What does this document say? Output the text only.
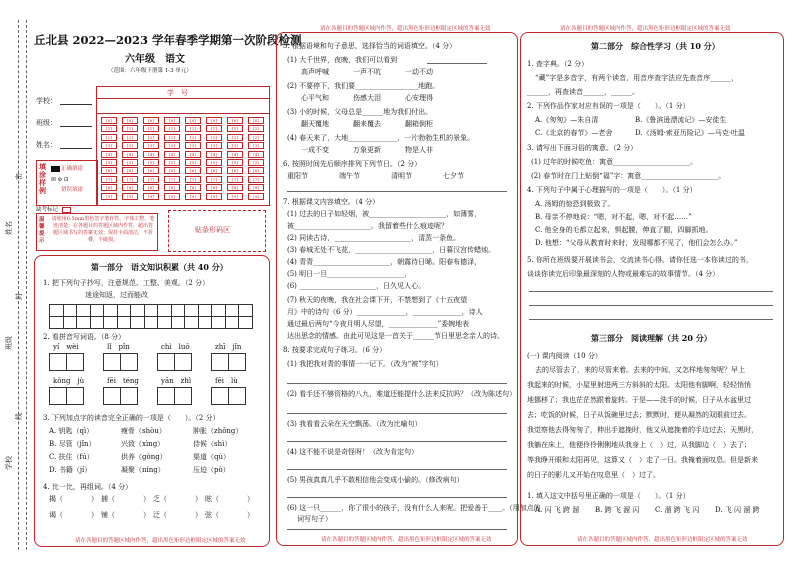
姓名
班级
学校
密
封
线
丘北县 2022—2023 学年春季学期第一次阶段检测
六年级　语文
（范围：六年级下册第 1-3 单元）
学校：
班级：
姓名：
学　号
[0]	[0]	[0]	[0]	[0]	[0]	[0]	[0]
[1]	[1]	[1]	[1]	[1]	[1]	[1]	[1]
[2]	[2]	[2]	[2]	[2]	[2]	[2]	[2]
[3]	[3]	[3]	[3]	[3]	[3]	[3]	[3]
[4]	[4]	[4]	[4]	[4]	[4]	[4]	[4]
[5]	[5]	[5]	[5]	[5]	[5]	[5]	[5]
[6]	[6]	[6]	[6]	[6]	[6]	[6]	[6]
[7]	[7]	[7]	[7]	[7]	[7]	[7]	[7]
[8]	[8]	[8]	[8]	[8]	[8]	[8]	[8]
[9]	[9]	[9]	[9]	[9]	[9]	[9]	[9]
填涂样例
正确填涂
☒ ⊘ ⊡
错误填涂
缺考标记
温馨提示
请使用0.5mm黑色签字笔作答，字体工整、笔迹清楚；在各题目的答题区域内作答，超出答题区域书写的答案无效；保持卡面清洁，不折叠，不破损。
贴条形码区
第一部分　语文知识积累（共 40 分）
1. 把下列句子抄写，注意规范、工整、美观。（2 分）
迷途知返，过而能改
2. 看拼音写词语。（8 分）
yí　wèi	lǐ　pǐn	chì　luǒ	zhī　jǐn
kǒng　jù	fēi　téng	yān　zhì	fēi　lù
3. 下列加点字的读音完全正确的一项是（　　）。（2 分）
A. 钥匙（qì）	瘦骨（shòu）	肿胀（zhǒng）
B. 尽管（jǐn）	兴致（xìng）	侍候（shì）
C. 扶住（fú）	供养（gòng）	渠道（qú）
D. 书籍（jí）	凝聚（níng）	压迫（pò）
4. 比一比，再组词。（4 分）
揭（　　　　） 捕（　　　　） 乏（　　　　） 眩（　　　　）
谒（　　　　） 铺（　　　　） 泛（　　　　） 弦（　　　　）
请在各题目的答题区域内作答，超出黑色矩形边框限定区域的答案无效
5. 根据语境和句子意思，选择恰当的词语填空。（4 分）
(1) 大千世界，夜晚，我们可以看到
高声呼喊	一声不吭	一动不动
(2) 不要停下，我们要__________________地跑。
心平气和	伤感大泪	心安理得
(3) 小的时候，父母总是______地为我们付出。
翻天覆地	翻来覆去	翻箱倒柜
(4) 春天来了，大地______________，一片勃勃生机的景象。
一成不变	万象更新	物是人非
6. 按照时间先后顺序排列下列节日。（2 分）
重阳节	端午节	清明节	七夕节
7. 根据课文内容填空。（4 分）
(1) 过去的日子如轻烟，被______________________，如薄雾，
被______________________。我留着些什么痕迹呢？
(2) 同读古诗，______________________，清蒸一条鱼。
(3) 春城无处不飞花，______________________，日暮汉宫传蜡烛。
(4) 青青______________________，朝露待日晞。阳春布德泽，
(5) 明日一旦______________________，
(6) ______________________，日久见人心。
(7) 秋天的夜晚，我在社会课下开，不禁想到了《十五夜望
月》中的诗句（6 分）______________，______________，诗人
通过最后两句“今夜月明人尽望，______________”委婉地表
达出思念的情感。由此可见这是一首关于______节日里思念亲人的诗。
8. 按要求完成句子练习。（6 分）
(1) 我把我对青的事情一一记下。（改为“被”字句）
(2) 看手还不够资格的八九，难道还能提什么法来反抗吗？（改为陈述句）
(3) 我看看云朵在天空飘荡。（改为比喻句）
(4) 这不能不说是奇怪呀！（改为肯定句）
(5) 男孩真真几乎不敢相信他会变成小偷的。（修改病句）
(6) 这一只______，你了很小的孩子，没有什么人来呢。把爱善于____。（用加点的
词写句子）
请在各题目的答题区域内作答，超出黑色矩形边框限定区域的答案无效
请在各题目的答题区域内作答，超出黑色矩形边框限定区域的答案无效	请在各题目的答题区域内作答，超出黑色矩形边框限定区域的答案无效
第二部分　综合性学习（共 10 分）
1. 查字典。（2 分）
“藏”字是多音字，有两个读音，用音序查字法应先查音序______，
______，再查读音______，______。
2. 下列作品作家对应有误的一项是（　　）。（1 分）
A.《匆匆》—朱自清	B.《鲁滨逊漂流记》—安徒生
C.《北京的春节》—老舍	D.《汤姆·索亚历险记》—马克·吐温
3. 请写出下面习俗的寓意。（2 分）
(1) 过年的时候吃鱼：寓意______________________。
(2) 春节时在门上贴倒“福”字：寓意______________________。
4. 下列句子中属于心理描写的一项是（　　）。（1 分）
A. 汤姆的惊恐到极致了。
B. 母亲不停地说：“嗯，对不起，嗯，对不起……”
C. 他全身的毛都立起来，惧起腰，伸直了腿，四脚抓地。
D. 他想：“父母从教育时来时，发现哪都不见了，他们会怎么办。”
5. 你所在班级要开展读书会，交流读书心得。请你任选一本你读过的书，
谈谈你读完后印象最深刻的人物或最难忘的故事情节。（4 分）
第三部分　阅读理解（共 20 分）
(一) 课内阅读（10 分）
去的尽管去了，来的尽管来着。去来的中间，又怎样地匆匆呢？早上
我起来的时候，小屋里射进两三方斜斜的太阳。太阳他有脚啊，轻轻悄悄
地挪移了；我也茫茫然跟着旋转。于是——洗手的时候，日子从水盆里过
去；吃饭的时候，日子从饭碗里过去；默默时，便从凝然的双眼前过去。
我觉察他去得匆匆了，伸出手遮挽时，他又从遮挽着的手边过去；天黑时，
我躺在床上，他便伶伶俐俐地从我身上（　）过，从我脚边（　）去了；
等我睁开眼和太阳再见，这算又（　）走了一日。我掩着面叹息。但是新来
的日子的影儿又开始在叹息里（　）过了。
1. 填入这文中括号里正确的一项是（　　）。（1 分）
A. 闪 飞 跨 溜 B. 跨 飞 溜 闪 C. 溜 跨 飞 闪 D. 飞 闪 溜 跨
请在各题目的答题区域内作答，超出黑色矩形边框限定区域的答案无效
